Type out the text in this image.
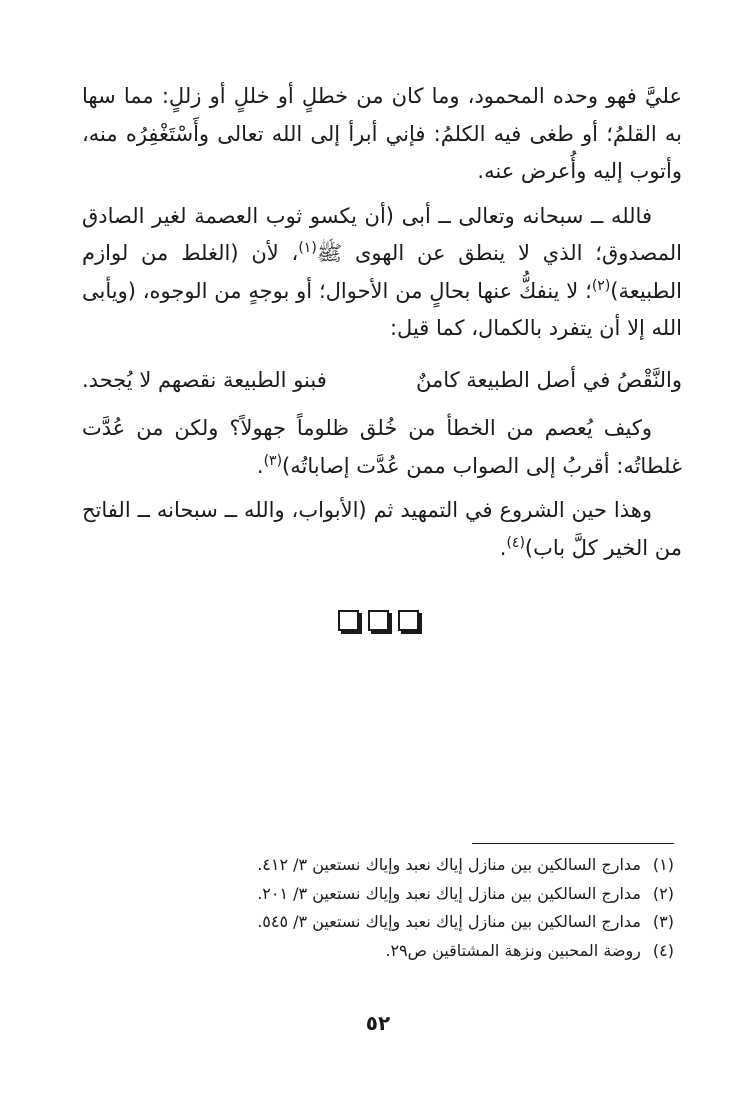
عليَّ فهو وحده المحمود، وما كان من خطلٍ أو خللٍ أو زللٍ: مما سها به القلمُ؛ أو طغى فيه الكلمُ: فإني أبرأ إلى الله تعالى وأَسْتَغْفِرُه منه، وأتوب إليه وأُعرض عنه.

فالله ــ سبحانه وتعالى ــ أبى (أن يكسو ثوب العصمة لغير الصادق المصدوق؛ الذي لا ينطق عن الهوى ﷺ$^{(١)}$، لأن (الغلط من لوازم الطبيعة)$^{(٢)}$؛ لا ينفكُّ عنها بحالٍ من الأحوال؛ أو بوجهٍ من الوجوه، (ويأبى الله إلا أن يتفرد بالكمال، كما قيل:

والنَّقْصُ في أصل الطبيعة كامنٌ
فبنو الطبيعة نقصهم لا يُجحد.

وكيف يُعصم من الخطأ من خُلق ظلوماً جهولاً؟ ولكن من عُدَّت غلطاتُه: أقربُ إلى الصواب ممن عُدَّت إصاباتُه)$^{(٣)}$.

وهذا حين الشروع في التمهيد ثم (الأبواب، والله ــ سبحانه ــ الفاتح من الخير كلَّ باب)$^{(٤)}$.

(١) مدارج السالكين بين منازل إياك نعبد وإياك نستعين ٣/ ٤١٢.
(٢) مدارج السالكين بين منازل إياك نعبد وإياك نستعين ٣/ ٢٠١.
(٣) مدارج السالكين بين منازل إياك نعبد وإياك نستعين ٣/ ٥٤٥.
(٤) روضة المحبين ونزهة المشتاقين ص٢٩.
٥٢
